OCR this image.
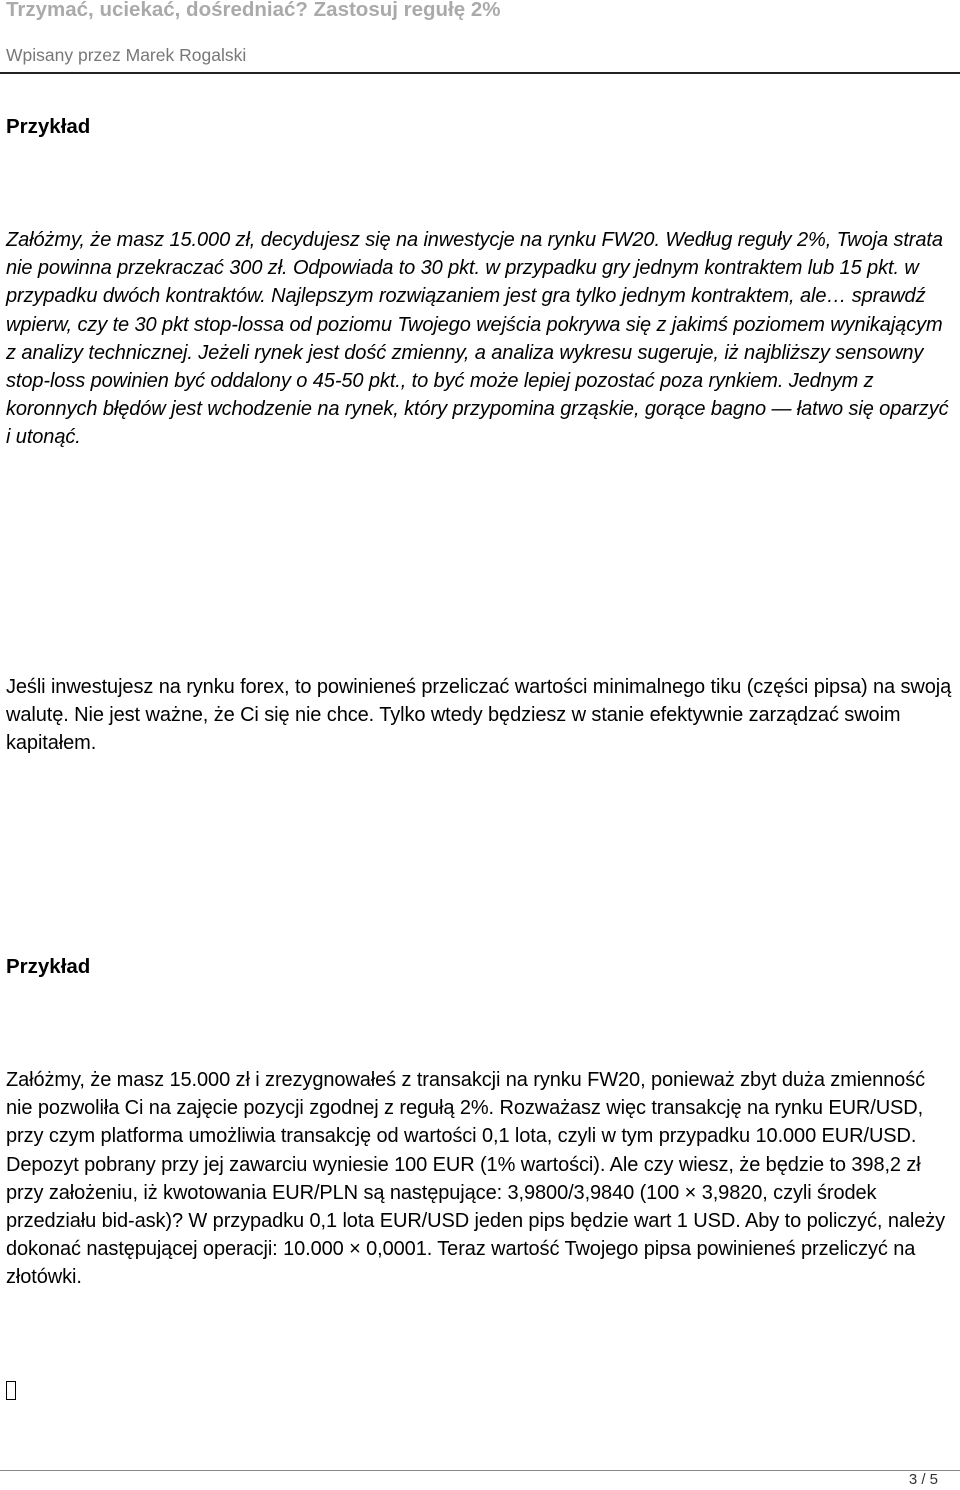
Trzymać, uciekać, dośredniać? Zastosuj regułę 2%
Wpisany przez Marek Rogalski
Przykład
Załóżmy, że masz 15.000 zł, decydujesz się na inwestycje na rynku FW20. Według reguły 2%, Twoja strata nie powinna przekraczać 300 zł. Odpowiada to 30 pkt. w przypadku gry jednym kontraktem lub 15 pkt. w przypadku dwóch kontraktów. Najlepszym rozwiązaniem jest gra tylko jednym kontraktem, ale… sprawdź wpierw, czy te 30 pkt stop-lossa od poziomu Twojego wejścia pokrywa się z jakimś poziomem wynikającym z analizy technicznej. Jeżeli rynek jest dość zmienny, a analiza wykresu sugeruje, iż najbliższy sensowny stop-loss powinien być oddalony o 45-50 pkt., to być może lepiej pozostać poza rynkiem. Jednym z koronnych błędów jest wchodzenie na rynek, który przypomina grząskie, gorące bagno — łatwo się oparzyć i utonąć.
Jeśli inwestujesz na rynku forex, to powinieneś przeliczać wartości minimalnego tiku (części pipsa) na swoją walutę. Nie jest ważne, że Ci się nie chce. Tylko wtedy będziesz w stanie efektywnie zarządzać swoim kapitałem.
Przykład
Załóżmy, że masz 15.000 zł i zrezygnowałeś z transakcji na rynku FW20, ponieważ zbyt duża zmienność nie pozwoliła Ci na zajęcie pozycji zgodnej z regułą 2%. Rozważasz więc transakcję na rynku EUR/USD, przy czym platforma umożliwia transakcję od wartości 0,1 lota, czyli w tym przypadku 10.000 EUR/USD. Depozyt pobrany przy jej zawarciu wyniesie 100 EUR (1% wartości). Ale czy wiesz, że będzie to 398,2 zł przy założeniu, iż kwotowania EUR/PLN są następujące: 3,9800/3,9840 (100 × 3,9820, czyli środek przedziału bid-ask)? W przypadku 0,1 lota EUR/USD jeden pips będzie wart 1 USD. Aby to policzyć, należy dokonać następującej operacji: 10.000 × 0,0001. Teraz wartość Twojego pipsa powinieneś przeliczyć na złotówki.
3 / 5
